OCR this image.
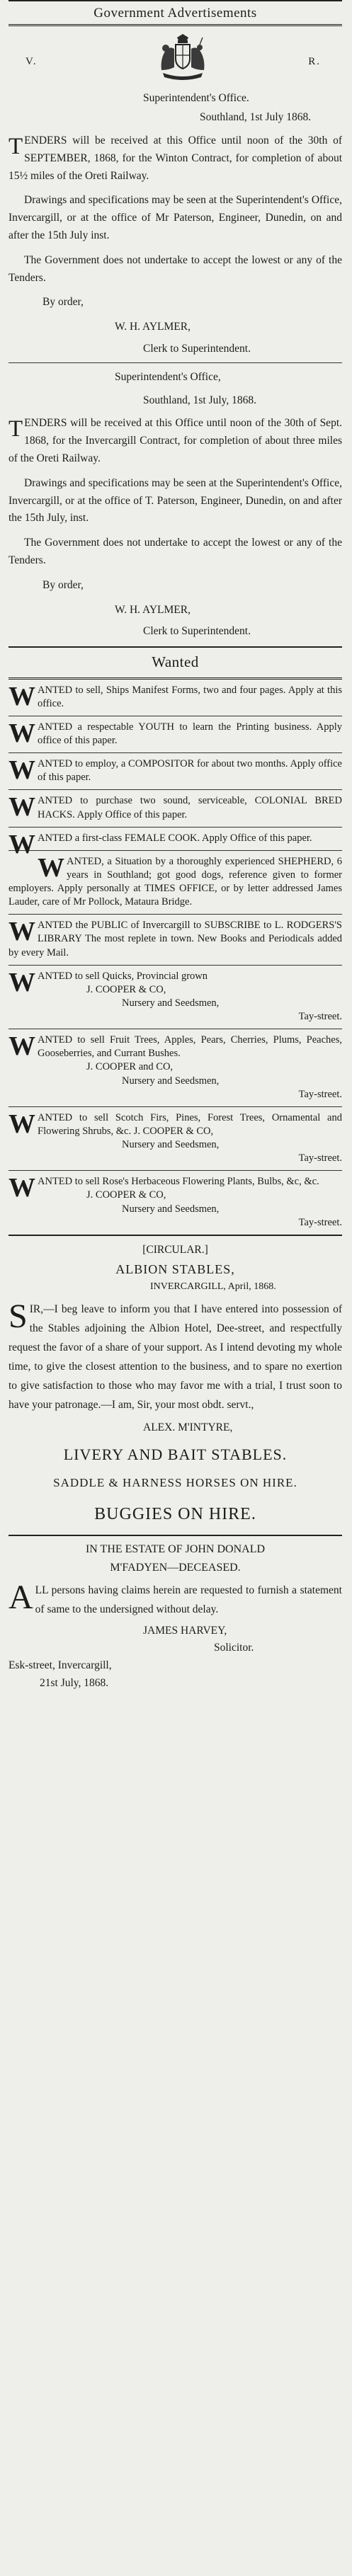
Government Advertisements
V.	R.
Superintendent's Office.
Southland, 1st July 1868.
TENDERS will be received at this Office until noon of the 30th of SEPTEMBER, 1868, for the Winton Contract, for completion of about 15½ miles of the Oreti Railway.
Drawings and specifications may be seen at the Superintendent's Office, Invercargill, or at the office of Mr Paterson, Engineer, Dunedin, on and after the 15th July inst.
The Government does not undertake to accept the lowest or any of the Tenders.
By order,
W. H. AYLMER,
Clerk to Superintendent.
Superintendent's Office,
Southland, 1st July, 1868.
TENDERS will be received at this Office until noon of the 30th of Sept. 1868, for the Invercargill Contract, for completion of about three miles of the Oreti Railway.
Drawings and specifications may be seen at the Superintendent's Office, Invercargill, or at the office of T. Paterson, Engineer, Dunedin, on and after the 15th July, inst.
The Government does not undertake to accept the lowest or any of the Tenders.
By order,
W. H. AYLMER,
Clerk to Superintendent.
Wanted
WANTED to sell, Ships Manifest Forms, two and four pages. Apply at this office.
WANTED a respectable YOUTH to learn the Printing business. Apply office of this paper.
WANTED to employ, a COMPOSITOR for about two months. Apply office of this paper.
WANTED to purchase two sound, serviceable, COLONIAL BRED HACKS. Apply Office of this paper.
WANTED a first-class FEMALE COOK. Apply Office of this paper.
WANTED, a Situation by a thoroughly experienced SHEPHERD, 6 years in Southland; got good dogs, reference given to former employers. Apply personally at TIMES OFFICE, or by letter addressed James Lauder, care of Mr Pollock, Mataura Bridge.
WANTED the PUBLIC of Invercargill to SUBSCRIBE to L. RODGERS'S LIBRARY The most replete in town. New Books and Periodicals added by every Mail.
WANTED to sell Quicks, Provincial grown
J. COOPER & CO,
Nursery and Seedsmen,
Tay-street.
WANTED to sell Fruit Trees, Apples, Pears, Cherries, Plums, Peaches, Gooseberries, and Currant Bushes.
J. COOPER and CO,
Nursery and Seedsmen,
Tay-street.
WANTED to sell Scotch Firs, Pines, Forest Trees, Ornamental and Flowering Shrubs, &c. J. COOPER & CO,
Nursery and Seedsmen,
Tay-street.
WANTED to sell Rose's Herbaceous Flowering Plants, Bulbs, &c, &c.
J. COOPER & CO,
Nursery and Seedsmen,
Tay-street.
[CIRCULAR.]
ALBION STABLES,
INVERCARGILL, April, 1868.
SIR,—I beg leave to inform you that I have entered into possession of the Stables adjoining the Albion Hotel, Dee-street, and respectfully request the favor of a share of your support. As I intend devoting my whole time, to give the closest attention to the business, and to spare no exertion to give satisfaction to those who may favor me with a trial, I trust soon to have your patronage.—I am, Sir, your most obdt. servt.,
ALEX. M'INTYRE,
LIVERY AND BAIT STABLES.
SADDLE & HARNESS HORSES ON HIRE.
BUGGIES ON HIRE.
IN THE ESTATE OF JOHN DONALD
M'FADYEN—DECEASED.
ALL persons having claims herein are requested to furnish a statement of same to the undersigned without delay.
JAMES HARVEY,
Solicitor.
Esk-street, Invercargill,
21st July, 1868.
